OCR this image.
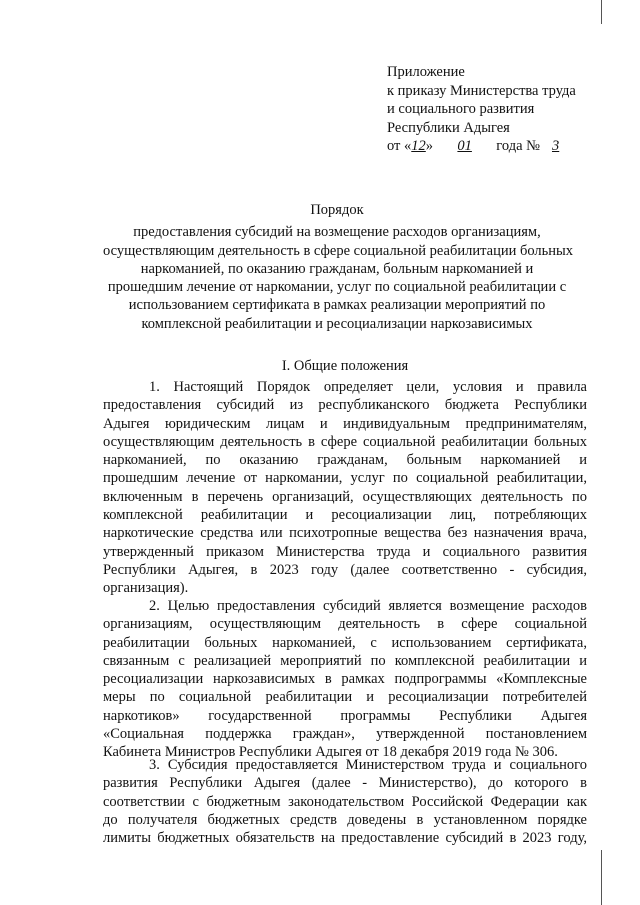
Приложение
к приказу Министерства труда
и социального развития
Республики Адыгея
от «12» 01 года № 3
Порядок
предоставления субсидий на возмещение расходов организациям,
осуществляющим деятельность в сфере социальной реабилитации больных
наркоманией, по оказанию гражданам, больным наркоманией и
прошедшим лечение от наркомании, услуг по социальной реабилитации с
использованием сертификата в рамках реализации мероприятий по
комплексной реабилитации и ресоциализации наркозависимых
I. Общие положения
1. Настоящий Порядок определяет цели, условия и правила
предоставления субсидий из республиканского бюджета Республики
Адыгея юридическим лицам и индивидуальным предпринимателям,
осуществляющим деятельность в сфере социальной реабилитации больных
наркоманией, по оказанию гражданам, больным наркоманией и
прошедшим лечение от наркомании, услуг по социальной реабилитации,
включенным в перечень организаций, осуществляющих деятельность по
комплексной реабилитации и ресоциализации лиц, потребляющих
наркотические средства или психотропные вещества без назначения врача,
утвержденный приказом Министерства труда и социального развития
Республики Адыгея, в 2023 году (далее соответственно - субсидия,
организация).
2. Целью предоставления субсидий является возмещение расходов
организациям, осуществляющим деятельность в сфере социальной
реабилитации больных наркоманией, с использованием сертификата,
связанным с реализацией мероприятий по комплексной реабилитации и
ресоциализации наркозависимых в рамках подпрограммы «Комплексные
меры по социальной реабилитации и ресоциализации потребителей
наркотиков» государственной программы Республики Адыгея
«Социальная поддержка граждан», утвержденной постановлением
Кабинета Министров Республики Адыгея от 18 декабря 2019 года № 306.
3. Субсидия предоставляется Министерством труда и социального
развития Республики Адыгея (далее - Министерство), до которого в
соответствии с бюджетным законодательством Российской Федерации как
до получателя бюджетных средств доведены в установленном порядке
лимиты бюджетных обязательств на предоставление субсидий в 2023 году,
